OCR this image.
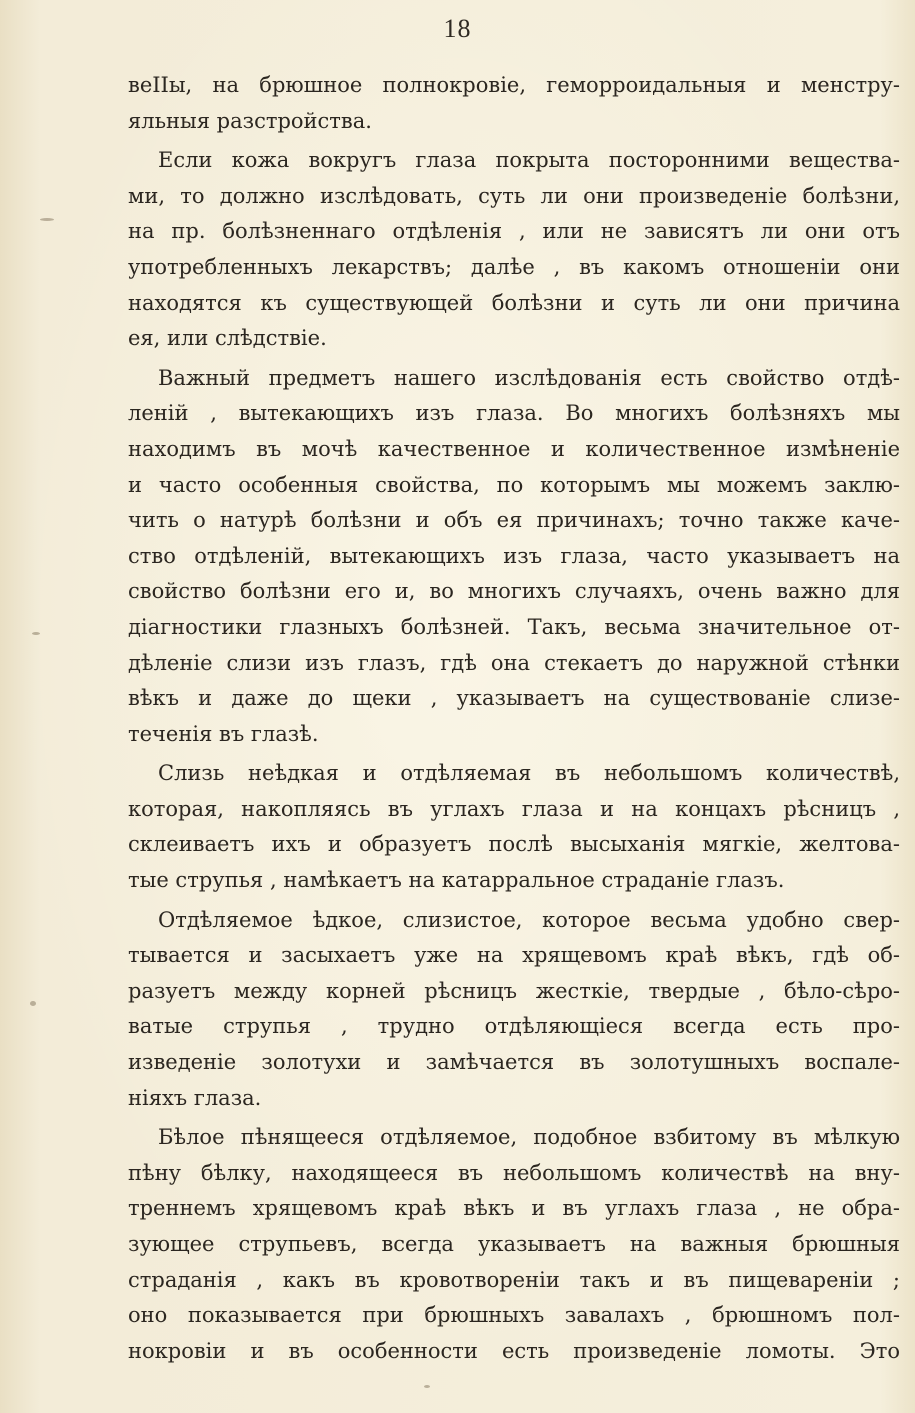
18
веIIы, на брюшное полнокровіе, геморроидальныя и менстру-
яльныя разстройства.
Если кожа вокругъ глаза покрыта посторонними вещества-
ми, то должно изслѣдовать, суть ли они произведеніе болѣзни,
на пр. болѣзненнаго отдѣленія , или не зависятъ ли они отъ
употребленныхъ лекарствъ; далѣе , въ какомъ отношеніи они
находятся къ существующей болѣзни и суть ли они причина
ея, или слѣдствіе.
Важный предметъ нашего изслѣдованія есть свойство отдѣ-
леній , вытекающихъ изъ глаза. Во многихъ болѣзняхъ мы
находимъ въ мочѣ качественное и количественное измѣненіе
и часто особенныя свойства, по которымъ мы можемъ заклю-
чить о натурѣ болѣзни и объ ея причинахъ; точно также каче-
ство отдѣленій, вытекающихъ изъ глаза, часто указываетъ на
свойство болѣзни его и, во многихъ случаяхъ, очень важно для
діагностики глазныхъ болѣзней. Такъ, весьма значительное от-
дѣленіе слизи изъ глазъ, гдѣ она стекаетъ до наружной стѣнки
вѣкъ и даже до щеки , указываетъ на существованіе слизе-
теченія въ глазѣ.
Слизь неѣдкая и отдѣляемая въ небольшомъ количествѣ,
которая, накопляясь въ углахъ глаза и на концахъ рѣсницъ ,
склеиваетъ ихъ и образуетъ послѣ высыханія мягкіе, желтова-
тые струпья , намѣкаетъ на катарральное страданіе глазъ.
Отдѣляемое ѣдкое, слизистое, которое весьма удобно свер-
тывается и засыхаетъ уже на хрящевомъ краѣ вѣкъ, гдѣ об-
разуетъ между корней рѣсницъ жесткіе, твердые , бѣло-сѣро-
ватые струпья , трудно отдѣляющіеся всегда есть про-
изведеніе золотухи и замѣчается въ золотушныхъ воспале-
ніяхъ глаза.
Бѣлое пѣнящееся отдѣляемое, подобное взбитому въ мѣлкую
пѣну бѣлку, находящееся въ небольшомъ количествѣ на вну-
треннемъ хрящевомъ краѣ вѣкъ и въ углахъ глаза , не обра-
зующее струпьевъ, всегда указываетъ на важныя брюшныя
страданія , какъ въ кровотвореніи такъ и въ пищевареніи ;
оно показывается при брюшныхъ завалахъ , брюшномъ пол-
нокровіи и въ особенности есть произведеніе ломоты. Это
